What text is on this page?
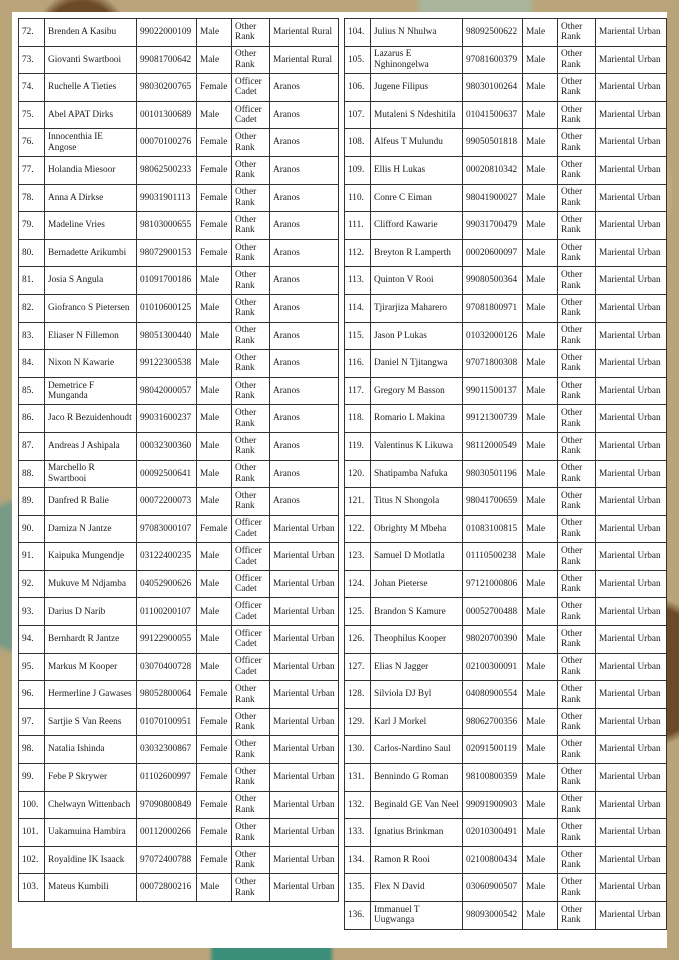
72.	Brenden A Kasibu	99022000109	Male	Other Rank	Mariental Rural
73.	Giovanti Swartbooi	99081700642	Male	Other Rank	Mariental Rural
74.	Ruchelle A Tieties	98030200765	Female	Officer Cadet	Aranos
75.	Abel APAT Dirks	00101300689	Male	Officer Cadet	Aranos
76.	Innocenthia IE Angose	00070100276	Female	Other Rank	Aranos
77.	Holandia Miesoor	98062500233	Female	Other Rank	Aranos
78.	Anna A Dirkse	99031901113	Female	Other Rank	Aranos
79.	Madeline Vries	98103000655	Female	Other Rank	Aranos
80.	Bernadette Arikumbi	98072900153	Female	Other Rank	Aranos
81.	Josia S Angula	01091700186	Male	Other Rank	Aranos
82.	Giofranco S Pietersen	01010600125	Male	Other Rank	Aranos
83.	Eliaser N Fillemon	98051300440	Male	Other Rank	Aranos
84.	Nixon N Kawarie	99122300538	Male	Other Rank	Aranos
85.	Demetrice F Munganda	98042000057	Male	Other Rank	Aranos
86.	Jaco R Bezuidenhoudt	99031600237	Male	Other Rank	Aranos
87.	Andreas J Ashipala	00032300360	Male	Other Rank	Aranos
88.	Marchello R Swartbooi	00092500641	Male	Other Rank	Aranos
89.	Danfred R Balie	00072200073	Male	Other Rank	Aranos
90.	Damiza N Jantze	97083000107	Female	Officer Cadet	Mariental Urban
91.	Kaipuka Mungendje	03122400235	Male	Officer Cadet	Mariental Urban
92.	Mukuve M Ndjamba	04052900626	Male	Officer Cadet	Mariental Urban
93.	Darius D Narib	01100200107	Male	Officer Cadet	Mariental Urban
94.	Bernhardt R Jantze	99122900055	Male	Officer Cadet	Mariental Urban
95.	Markus M Kooper	03070400728	Male	Officer Cadet	Mariental Urban
96.	Hermerline J Gawases	98052800064	Female	Other Rank	Mariental Urban
97.	Sartjie S Van Reens	01070100951	Female	Other Rank	Mariental Urban
98.	Natalia Ishinda	03032300867	Female	Other Rank	Mariental Urban
99.	Febe P Skrywer	01102600997	Female	Other Rank	Mariental Urban
100.	Chelwayn Wittenbach	97090800849	Female	Other Rank	Mariental Urban
101.	Uakamuina Hambira	00112000266	Female	Other Rank	Mariental Urban
102.	Royaldine IK Isaack	97072400788	Female	Other Rank	Mariental Urban
103.	Mateus Kumbili	00072800216	Male	Other Rank	Mariental Urban
104.	Julius N Nhulwa	98092500622	Male	Other Rank	Mariental Urban
105.	Lazarus E Nghinongelwa	97081600379	Male	Other Rank	Mariental Urban
106.	Jugene Filipus	98030100264	Male	Other Rank	Mariental Urban
107.	Mutaleni S Ndeshitila	01041500637	Male	Other Rank	Mariental Urban
108.	Alfeus T Mulundu	99050501818	Male	Other Rank	Mariental Urban
109.	Ellis H Lukas	00020810342	Male	Other Rank	Mariental Urban
110.	Conre C Eiman	98041900027	Male	Other Rank	Mariental Urban
111.	Clifford Kawarie	99031700479	Male	Other Rank	Mariental Urban
112.	Breyton R Lamperth	00020600097	Male	Other Rank	Mariental Urban
113.	Quinton V Rooi	99080500364	Male	Other Rank	Mariental Urban
114.	Tjirarjiza Maharero	97081800971	Male	Other Rank	Mariental Urban
115.	Jason P Lukas	01032000126	Male	Other Rank	Mariental Urban
116.	Daniel N Tjitangwa	97071800308	Male	Other Rank	Mariental Urban
117.	Gregory M Basson	99011500137	Male	Other Rank	Mariental Urban
118.	Romario L Makina	99121300739	Male	Other Rank	Mariental Urban
119.	Valentinus K Likuwa	98112000549	Male	Other Rank	Mariental Urban
120.	Shatipamba Nafuka	98030501196	Male	Other Rank	Mariental Urban
121.	Titus N Shongola	98041700659	Male	Other Rank	Mariental Urban
122.	Obrighty M Mbeha	01083100815	Male	Other Rank	Mariental Urban
123.	Samuel D Motlatla	01110500238	Male	Other Rank	Mariental Urban
124.	Johan Pieterse	97121000806	Male	Other Rank	Mariental Urban
125.	Brandon S Kamure	00052700488	Male	Other Rank	Mariental Urban
126.	Theophilus Kooper	98020700390	Male	Other Rank	Mariental Urban
127.	Elias N Jagger	02100300091	Male	Other Rank	Mariental Urban
128.	Silviola DJ Byl	04080900554	Male	Other Rank	Mariental Urban
129.	Karl J Morkel	98062700356	Male	Other Rank	Mariental Urban
130.	Carlos-Nardino Saul	02091500119	Male	Other Rank	Mariental Urban
131.	Bennindo G Roman	98100800359	Male	Other Rank	Mariental Urban
132.	Beginald GE Van Neel	99091900903	Male	Other Rank	Mariental Urban
133.	Ignatius Brinkman	02010300491	Male	Other Rank	Mariental Urban
134.	Ramon R Rooi	02100800434	Male	Other Rank	Mariental Urban
135.	Flex N David	03060900507	Male	Other Rank	Mariental Urban
136.	Immanuel T Uugwanga	98093000542	Male	Other Rank	Mariental Urban
